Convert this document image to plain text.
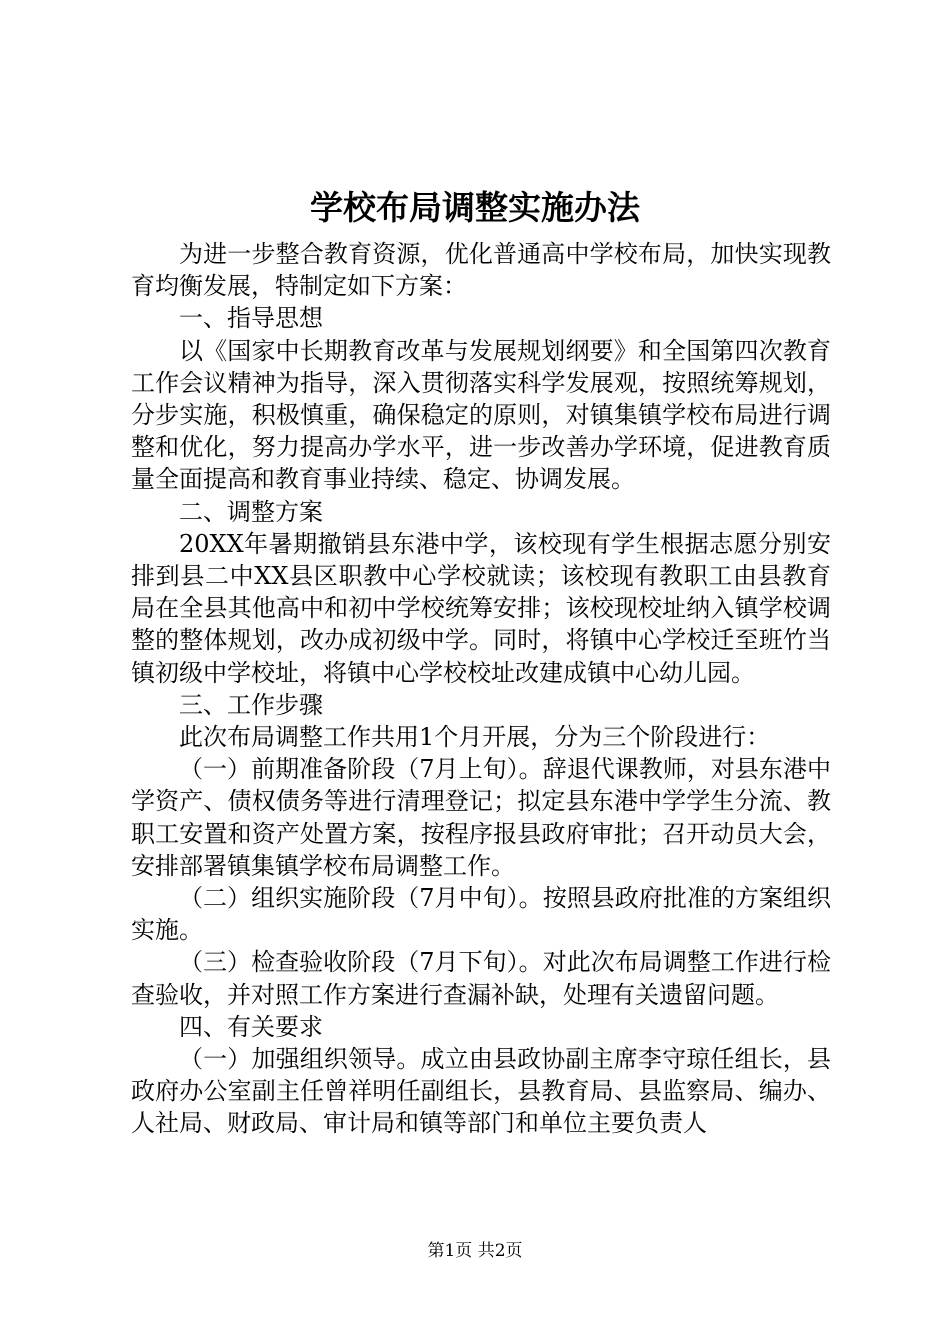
学校布局调整实施办法

为进一步整合教育资源，优化普通高中学校布局，加快实现教育均衡发展，特制定如下方案：

一、指导思想

以《国家中长期教育改革与发展规划纲要》和全国第四次教育工作会议精神为指导，深入贯彻落实科学发展观，按照统筹规划，分步实施，积极慎重，确保稳定的原则，对镇集镇学校布局进行调整和优化，努力提高办学水平，进一步改善办学环境，促进教育质量全面提高和教育事业持续、稳定、协调发展。

二、调整方案

20XX年暑期撤销县东港中学，该校现有学生根据志愿分别安排到县二中XX县区职教中心学校就读；该校现有教职工由县教育局在全县其他高中和初中学校统筹安排；该校现校址纳入镇学校调整的整体规划，改办成初级中学。同时，将镇中心学校迁至班竹当镇初级中学校址，将镇中心学校校址改建成镇中心幼儿园。

三、工作步骤

此次布局调整工作共用1个月开展，分为三个阶段进行：

（一）前期准备阶段（7月上旬）。辞退代课教师，对县东港中学资产、债权债务等进行清理登记；拟定县东港中学学生分流、教职工安置和资产处置方案，按程序报县政府审批；召开动员大会，安排部署镇集镇学校布局调整工作。

（二）组织实施阶段（7月中旬）。按照县政府批准的方案组织实施。

（三）检查验收阶段（7月下旬）。对此次布局调整工作进行检查验收，并对照工作方案进行查漏补缺，处理有关遗留问题。

四、有关要求

（一）加强组织领导。成立由县政协副主席李守琼任组长，县政府办公室副主任曾祥明任副组长，县教育局、县监察局、编办、人社局、财政局、审计局和镇等部门和单位主要负责人

第1页 共2页
